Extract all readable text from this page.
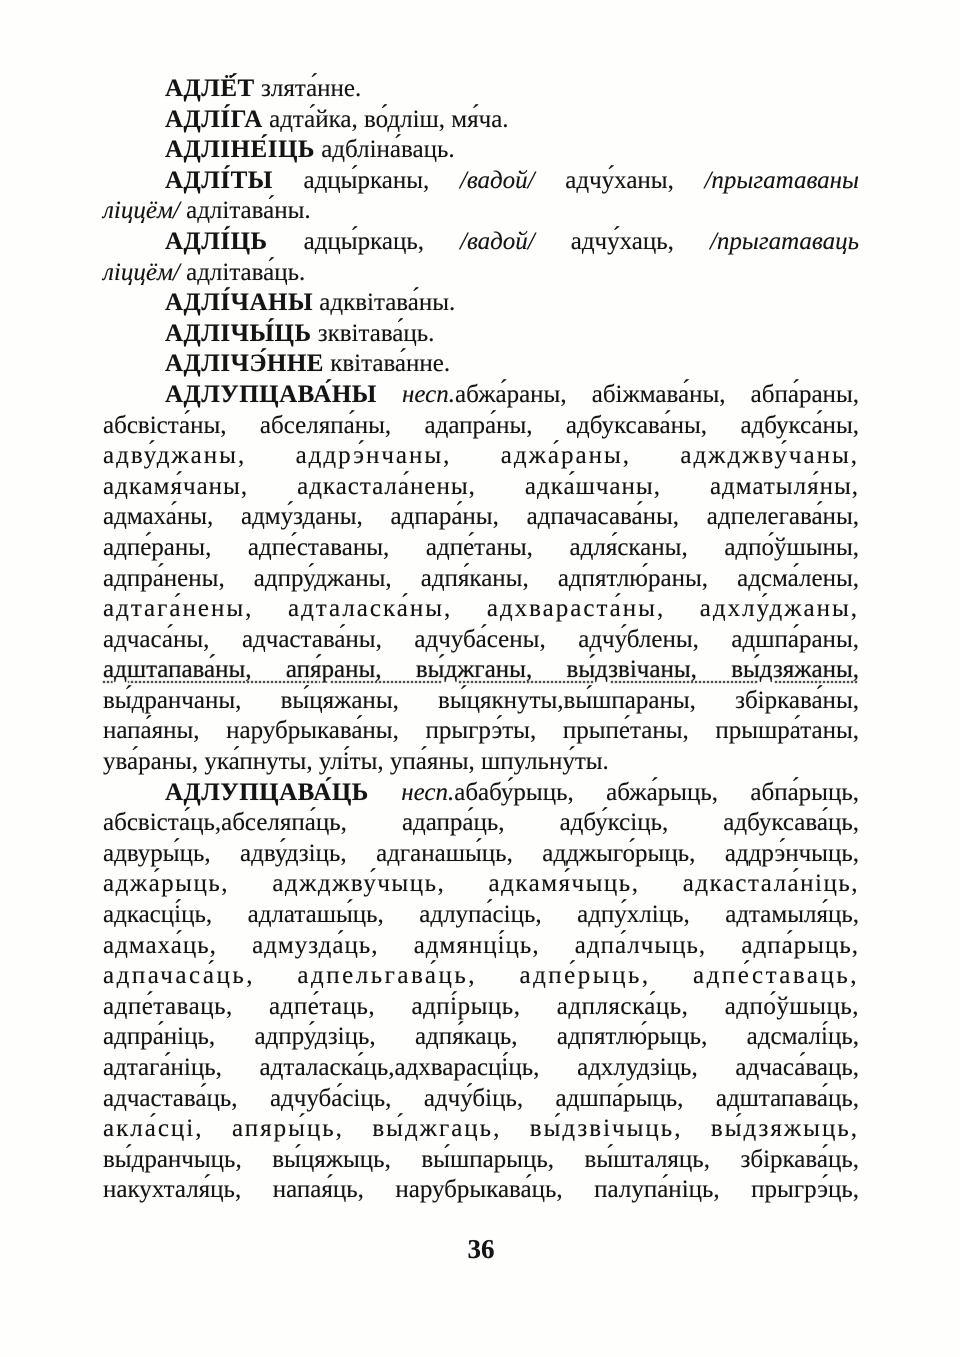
АДЛЁ́Т злята́нне.
АДЛІ́ГА адта́йка, во́дліш, мя́ча.
АДЛІНЕ́ІЦЬ адбліна́ваць.
АДЛІ́ТЫ адцы́рканы, /вадой/ адчу́ханы, /прыгатаваны
ліццём/ адлітава́ны.
АДЛІ́ЦЬ адцы́ркаць, /вадой/ адчу́хаць, /прыгатаваць
ліццём/ адлітава́ць.
АДЛІ́ЧАНЫ адквітава́ны.
АДЛІЧЫ́ЦЬ зквітава́ць.
АДЛІЧЭ́ННЕ квітава́нне.
АДЛУПЦАВА́НЫ несп.абжа́раны, абіжмава́ны, абпа́раны,
абсвіста́ны, абселяпа́ны, адапра́ны, адбуксава́ны, адбукса́ны,
адву́джаны, аддрэ́нчаны, аджа́раны, аджджву́чаны,
адкамя́чаны, адкастала́нены, адка́шчаны, адматыля́ны,
адмаха́ны, адму́зданы, адпара́ны, адпачасава́ны, адпелегава́ны,
адпе́раны, адпе́ставаны, адпе́таны, адля́сканы, адпо́ўшыны,
адпра́нены, адпру́джаны, адпя́каны, адпятлю́раны, адсма́лены,
адтага́нены, адталаска́ны, адхвараста́ны, адхлу́джаны,
адчаса́ны, адчастава́ны, адчуба́сены, адчу́блены, адшпа́раны,
адштапава́ны, апя́раны, вы́джганы, вы́дзвічаны, вы́дзяжаны,
вы́дранчаны, вы́цяжаны, вы́цякнуты,вы́шпараны, збіркава́ны,
напа́яны, нарубрыкава́ны, прыгрэ́ты, прыпе́таны, прышра́таны,
ува́раны, ука́пнуты, улі́ты, упа́яны, шпульну́ты.
АДЛУПЦАВА́ЦЬ несп.абабу́рыць, абжа́рыць, абпа́рыць,
абсвіста́ць,абселяпа́ць, адапра́ць, адбу́ксіць, адбуксава́ць,
адвуры́ць, адву́дзіць, адганашы́ць, адджыго́рыць, аддрэ́нчыць,
аджа́рыць, аджджву́чыць, адкамя́чыць, адкастала́ніць,
адкасці́ць, адлаташы́ць, адлупа́сіць, адпу́хліць, адтамыля́ць,
адмаха́ць, адмузда́ць, адмянці́ць, адпа́лчыць, адпа́рыць,
адпачаса́ць, адпельгава́ць, адпе́рыць, адпе́ставаць,
адпе́таваць, адпе́таць, адпі́рыць, адпляска́ць, адпо́ўшыць,
адпра́ніць, адпру́дзіць, адпя́каць, адпятлю́рыць, адсмалі́ць,
адтага́ніць, адталаска́ць,адхварасці́ць, адхлудзіць, адчаса́ваць,
адчастава́ць, адчуба́сіць, адчу́біць, адшпа́рыць, адштапава́ць,
акла́сці, апяры́ць, вы́джгаць, вы́дзвічыць, вы́дзяжыць,
вы́дранчыць, вы́цяжыць, вы́шпарыць, вы́шталяць, збіркава́ць,
накухталя́ць, напая́ць, нарубрыкава́ць, палупа́ніць, прыгрэ́ць,
36
